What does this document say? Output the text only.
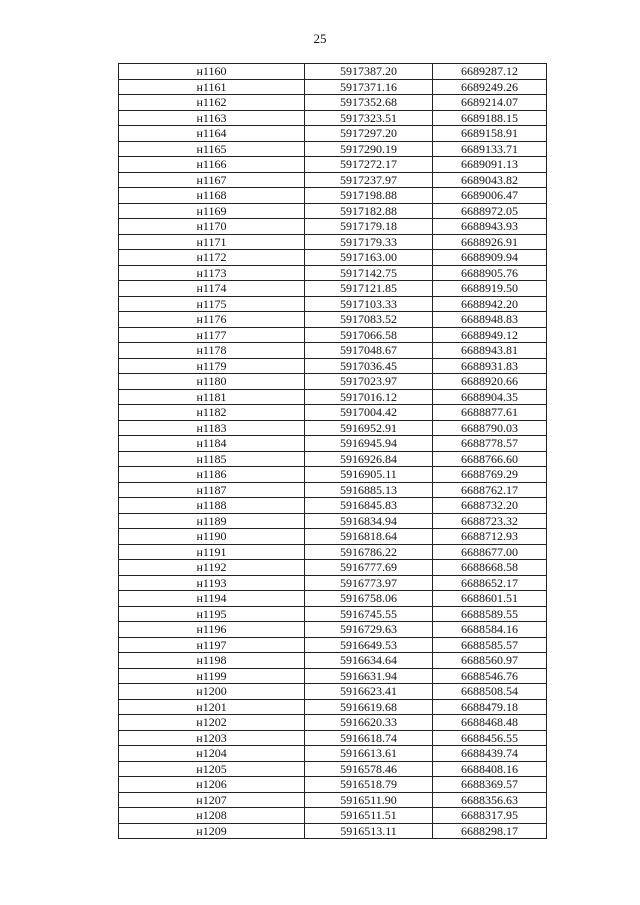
25
н1160	5917387.20	6689287.12
н1161	5917371.16	6689249.26
н1162	5917352.68	6689214.07
н1163	5917323.51	6689188.15
н1164	5917297.20	6689158.91
н1165	5917290.19	6689133.71
н1166	5917272.17	6689091.13
н1167	5917237.97	6689043.82
н1168	5917198.88	6689006.47
н1169	5917182.88	6688972.05
н1170	5917179.18	6688943.93
н1171	5917179.33	6688926.91
н1172	5917163.00	6688909.94
н1173	5917142.75	6688905.76
н1174	5917121.85	6688919.50
н1175	5917103.33	6688942.20
н1176	5917083.52	6688948.83
н1177	5917066.58	6688949.12
н1178	5917048.67	6688943.81
н1179	5917036.45	6688931.83
н1180	5917023.97	6688920.66
н1181	5917016.12	6688904.35
н1182	5917004.42	6688877.61
н1183	5916952.91	6688790.03
н1184	5916945.94	6688778.57
н1185	5916926.84	6688766.60
н1186	5916905.11	6688769.29
н1187	5916885.13	6688762.17
н1188	5916845.83	6688732.20
н1189	5916834.94	6688723.32
н1190	5916818.64	6688712.93
н1191	5916786.22	6688677.00
н1192	5916777.69	6688668.58
н1193	5916773.97	6688652.17
н1194	5916758.06	6688601.51
н1195	5916745.55	6688589.55
н1196	5916729.63	6688584.16
н1197	5916649.53	6688585.57
н1198	5916634.64	6688560.97
н1199	5916631.94	6688546.76
н1200	5916623.41	6688508.54
н1201	5916619.68	6688479.18
н1202	5916620.33	6688468.48
н1203	5916618.74	6688456.55
н1204	5916613.61	6688439.74
н1205	5916578.46	6688408.16
н1206	5916518.79	6688369.57
н1207	5916511.90	6688356.63
н1208	5916511.51	6688317.95
н1209	5916513.11	6688298.17
